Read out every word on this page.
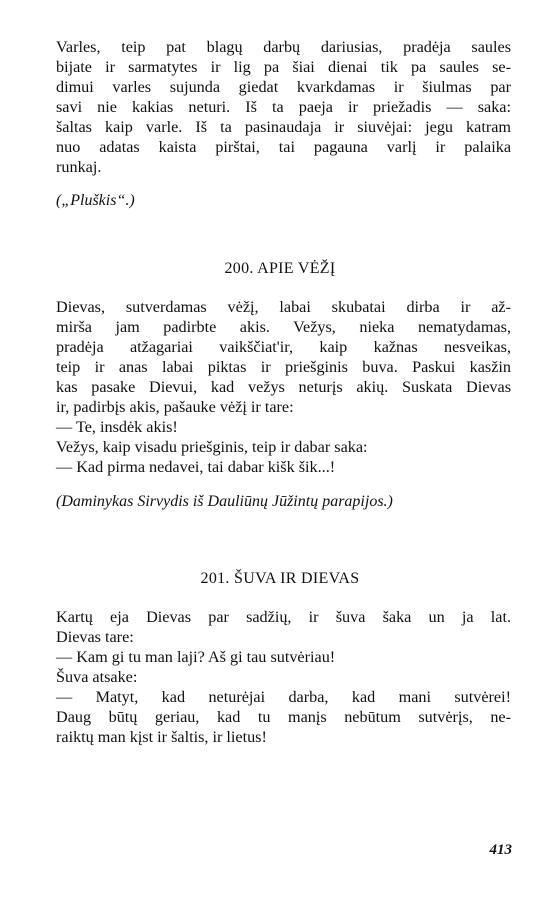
Varles, teip pat blagų darbų dariusias, pradėja saules
bijate ir sarmatytes ir lig pa šiai dienai tik pa saules se-
dimui varles sujunda giedat kvarkdamas ir šiulmas par
savi nie kakias neturi. Iš ta paeja ir priežadis — saka:
šaltas kaip varle. Iš ta pasinaudaja ir siuvėjai: jegu katram
nuo adatas kaista pirštai, tai pagauna varlį ir palaika
runkaj.
(„Pluškis“.)
200. APIE VĖŽĮ
Dievas, sutverdamas vėžį, labai skubatai dirba ir až-
mirša jam padirbte akis. Vežys, nieka nematydamas,
pradėja atžagariai vaikščiat'ir, kaip kažnas nesveikas,
teip ir anas labai piktas ir priešginis buva. Paskui kasžin
kas pasake Dievui, kad vežys neturįs akių. Suskata Dievas
ir, padirbįs akis, pašauke vėžį ir tare:
— Te, insdėk akis!
Vežys, kaip visadu priešginis, teip ir dabar saka:
— Kad pirma nedavei, tai dabar kišk šik...!
(Daminykas Sirvydis iš Dauliūnų Jūžintų parapijos.)
201. ŠUVA IR DIEVAS
Kartų eja Dievas par sadžių, ir šuva šaka un ja lat.
Dievas tare:
— Kam gi tu man laji? Aš gi tau sutvėriau!
Šuva atsake:
— Matyt, kad neturėjai darba, kad mani sutvėrei!
Daug būtų geriau, kad tu manįs nebūtum sutvėrįs, ne-
raiktų man kįst ir šaltis, ir lietus!
413
